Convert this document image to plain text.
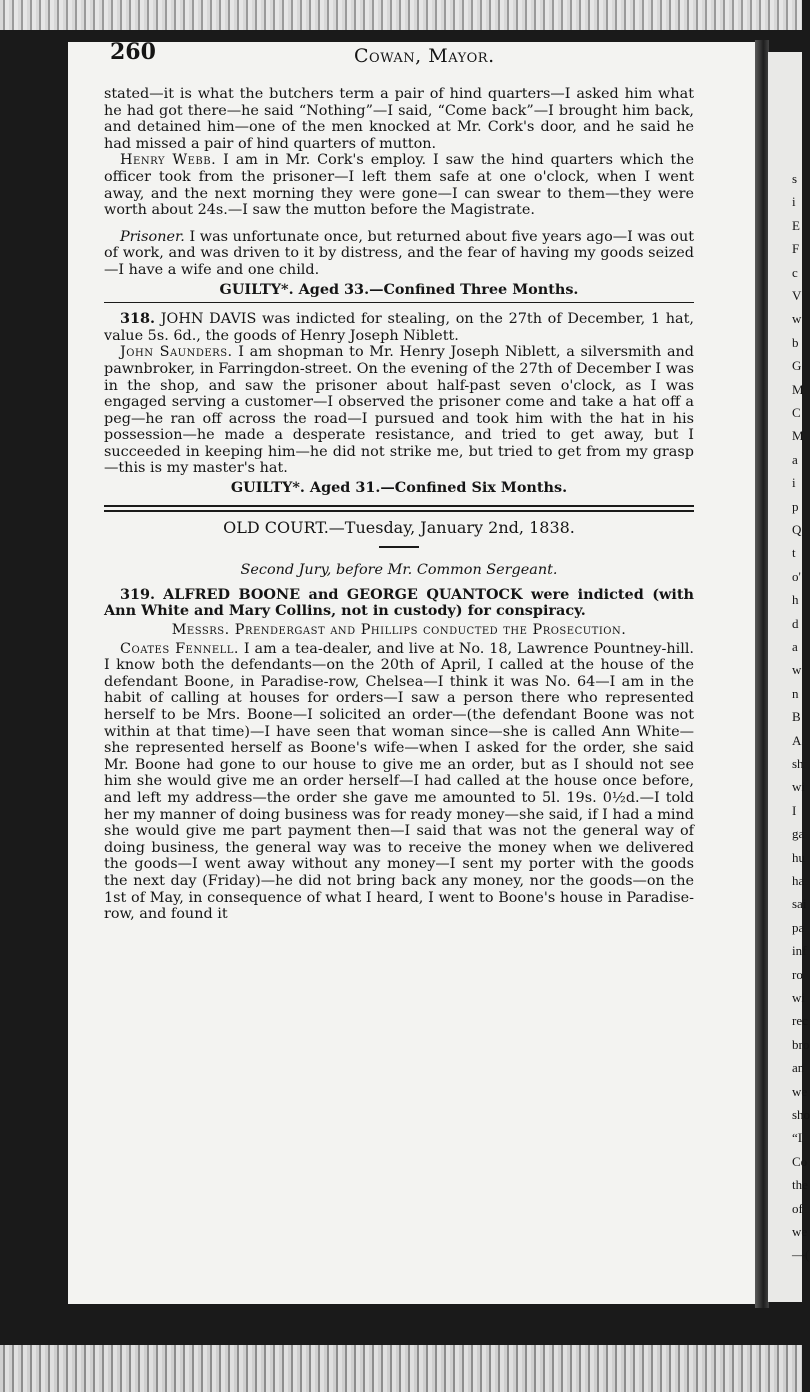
s
i
E
F
c
V
w
b
G
M
C
M
a
i
p
Q
t
o'
h
d
a
w
n
B
A
sh
wi
I
ga
hu
ha
sai
pa
inf
ro
wi
rec
bro
an
we
sho
“I
Co
the
of
we
—(
260	Cowan, Mayor.

stated—it is what the butchers term a pair of hind quarters—I asked him what he had got there—he said “Nothing”—I said, “Come back”—I brought him back, and detained him—one of the men knocked at Mr. Cork's door, and he said he had missed a pair of hind quarters of mutton.

Henry Webb. I am in Mr. Cork's employ. I saw the hind quarters which the officer took from the prisoner—I left them safe at one o'clock, when I went away, and the next morning they were gone—I can swear to them—they were worth about 24s.—I saw the mutton before the Magistrate.

Prisoner. I was unfortunate once, but returned about five years ago—I was out of work, and was driven to it by distress, and the fear of having my goods seized—I have a wife and one child.

GUILTY*. Aged 33.—Confined Three Months.

318. JOHN DAVIS was indicted for stealing, on the 27th of December, 1 hat, value 5s. 6d., the goods of Henry Joseph Niblett.

John Saunders. I am shopman to Mr. Henry Joseph Niblett, a silversmith and pawnbroker, in Farringdon-street. On the evening of the 27th of December I was in the shop, and saw the prisoner about half-past seven o'clock, as I was engaged serving a customer—I observed the prisoner come and take a hat off a peg—he ran off across the road—I pursued and took him with the hat in his possession—he made a desperate resistance, and tried to get away, but I succeeded in keeping him—he did not strike me, but tried to get from my grasp—this is my master's hat.

GUILTY*. Aged 31.—Confined Six Months.

OLD COURT.—Tuesday, January 2nd, 1838.

Second Jury, before Mr. Common Sergeant.

319. ALFRED BOONE and GEORGE QUANTOCK were indicted (with Ann White and Mary Collins, not in custody) for conspiracy.

Messrs. Prendergast and Phillips conducted the Prosecution.

Coates Fennell. I am a tea-dealer, and live at No. 18, Lawrence Pountney-hill. I know both the defendants—on the 20th of April, I called at the house of the defendant Boone, in Paradise-row, Chelsea—I think it was No. 64—I am in the habit of calling at houses for orders—I saw a person there who represented herself to be Mrs. Boone—I solicited an order—(the defendant Boone was not within at that time)—I have seen that woman since—she is called Ann White—she represented herself as Boone's wife—when I asked for the order, she said Mr. Boone had gone to our house to give me an order, but as I should not see him she would give me an order herself—I had called at the house once before, and left my address—the order she gave me amounted to 5l. 19s. 0½d.—I told her my manner of doing business was for ready money—she said, if I had a mind she would give me part payment then—I said that was not the general way of doing business, the general way was to receive the money when we delivered the goods—I went away without any money—I sent my porter with the goods the next day (Friday)—he did not bring back any money, nor the goods—on the 1st of May, in consequence of what I heard, I went to Boone's house in Paradise-row, and found it
